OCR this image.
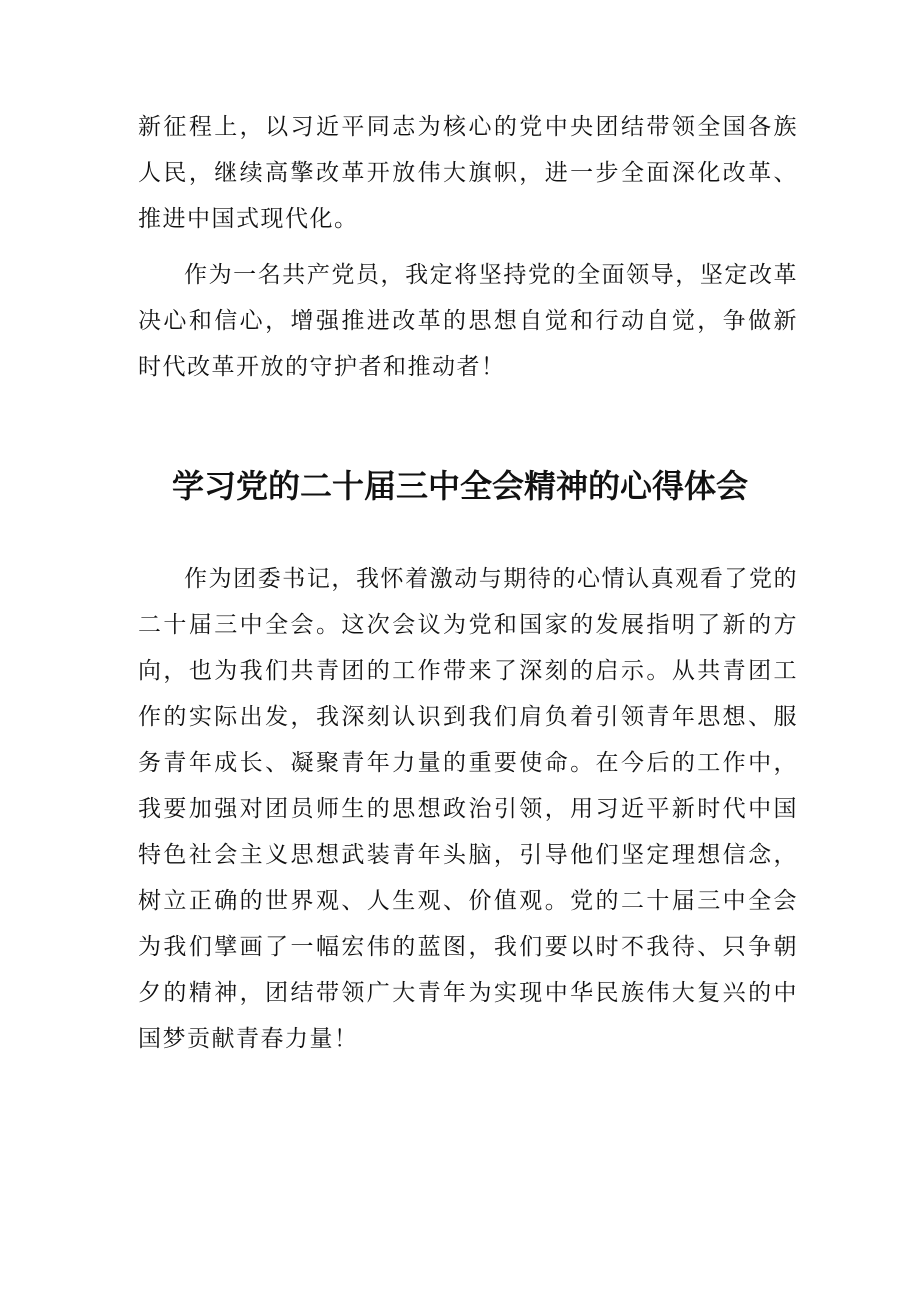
新征程上，以习近平同志为核心的党中央团结带领全国各族人民，继续高擎改革开放伟大旗帜，进一步全面深化改革、推进中国式现代化。

作为一名共产党员，我定将坚持党的全面领导，坚定改革决心和信心，增强推进改革的思想自觉和行动自觉，争做新时代改革开放的守护者和推动者！

学习党的二十届三中全会精神的心得体会

作为团委书记，我怀着激动与期待的心情认真观看了党的二十届三中全会。这次会议为党和国家的发展指明了新的方向，也为我们共青团的工作带来了深刻的启示。从共青团工作的实际出发，我深刻认识到我们肩负着引领青年思想、服务青年成长、凝聚青年力量的重要使命。在今后的工作中，我要加强对团员师生的思想政治引领，用习近平新时代中国特色社会主义思想武装青年头脑，引导他们坚定理想信念，树立正确的世界观、人生观、价值观。党的二十届三中全会为我们擘画了一幅宏伟的蓝图，我们要以时不我待、只争朝夕的精神，团结带领广大青年为实现中华民族伟大复兴的中国梦贡献青春力量！
